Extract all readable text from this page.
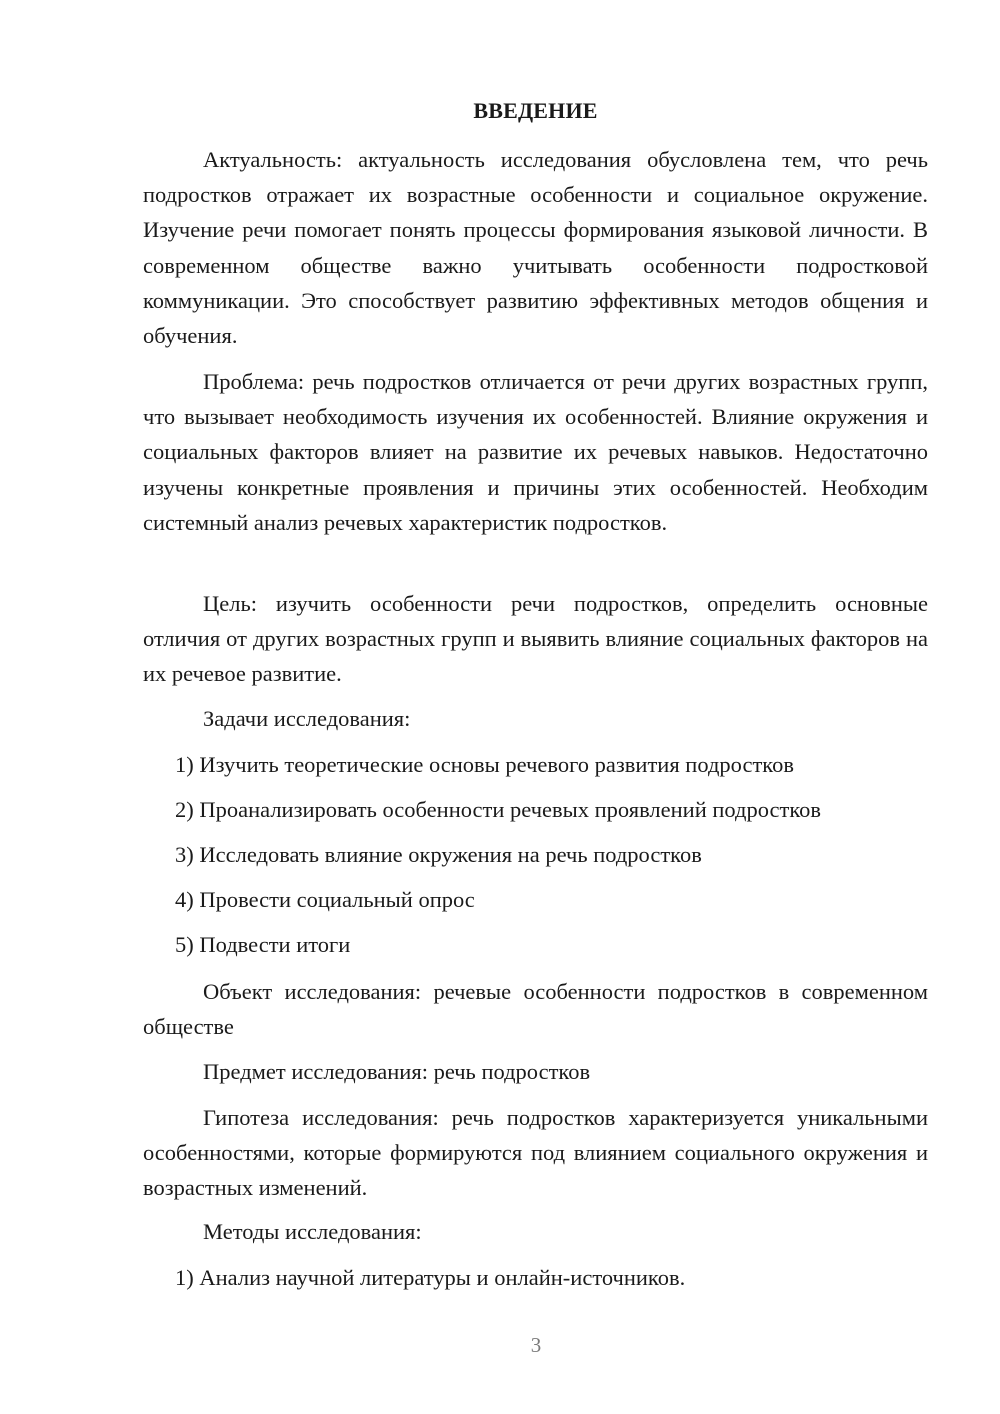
ВВЕДЕНИЕ

Актуальность: актуальность исследования обусловлена тем, что речь подростков отражает их возрастные особенности и социальное окружение. Изучение речи помогает понять процессы формирования языковой личности. В современном обществе важно учитывать особенности подростковой коммуникации. Это способствует развитию эффективных методов общения и обучения.

Проблема: речь подростков отличается от речи других возрастных групп, что вызывает необходимость изучения их особенностей. Влияние окружения и социальных факторов влияет на развитие их речевых навыков. Недостаточно изучены конкретные проявления и причины этих особенностей. Необходим системный анализ речевых характеристик подростков.

Цель: изучить особенности речи подростков, определить основные отличия от других возрастных групп и выявить влияние социальных факторов на их речевое развитие.

Задачи исследования:

1) Изучить теоретические основы речевого развития подростков

2) Проанализировать особенности речевых проявлений подростков

3) Исследовать влияние окружения на речь подростков

4) Провести социальный опрос

5) Подвести итоги

Объект исследования: речевые особенности подростков в современном обществе

Предмет исследования: речь подростков

Гипотеза исследования: речь подростков характеризуется уникальными особенностями, которые формируются под влиянием социального окружения и возрастных изменений.

Методы исследования:

1) Анализ научной литературы и онлайн-источников.

3
